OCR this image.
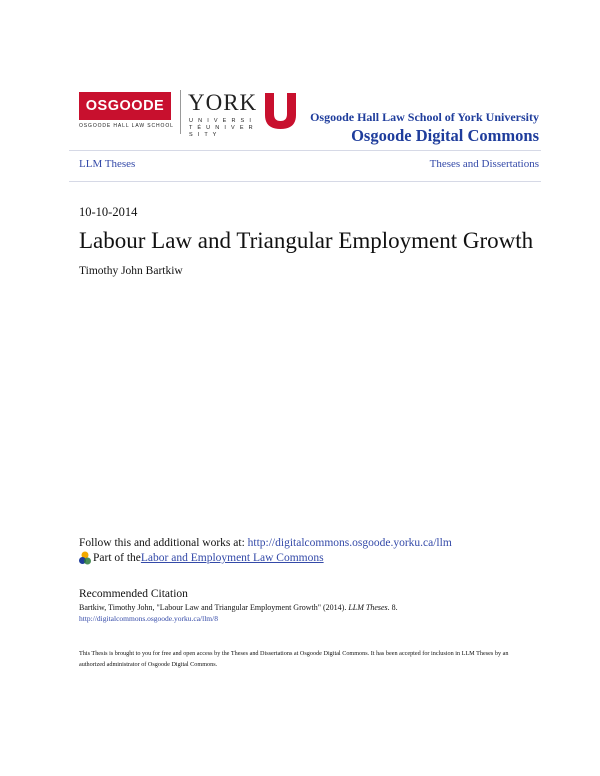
OSGOODE
OSGOODE HALL LAW SCHOOL
YORK
U N I V E R S I T É U N I V E R S I T Y
Osgoode Hall Law School of York University
Osgoode Digital Commons
LLM Theses	Theses and Dissertations
10-10-2014
Labour Law and Triangular Employment Growth
Timothy John Bartkiw
Follow this and additional works at: http://digitalcommons.osgoode.yorku.ca/llm
Part of the Labor and Employment Law Commons
Recommended Citation
Bartkiw, Timothy John, "Labour Law and Triangular Employment Growth" (2014). LLM Theses. 8.
http://digitalcommons.osgoode.yorku.ca/llm/8
This Thesis is brought to you for free and open access by the Theses and Dissertations at Osgoode Digital Commons. It has been accepted for inclusion in LLM Theses by an authorized administrator of Osgoode Digital Commons.
